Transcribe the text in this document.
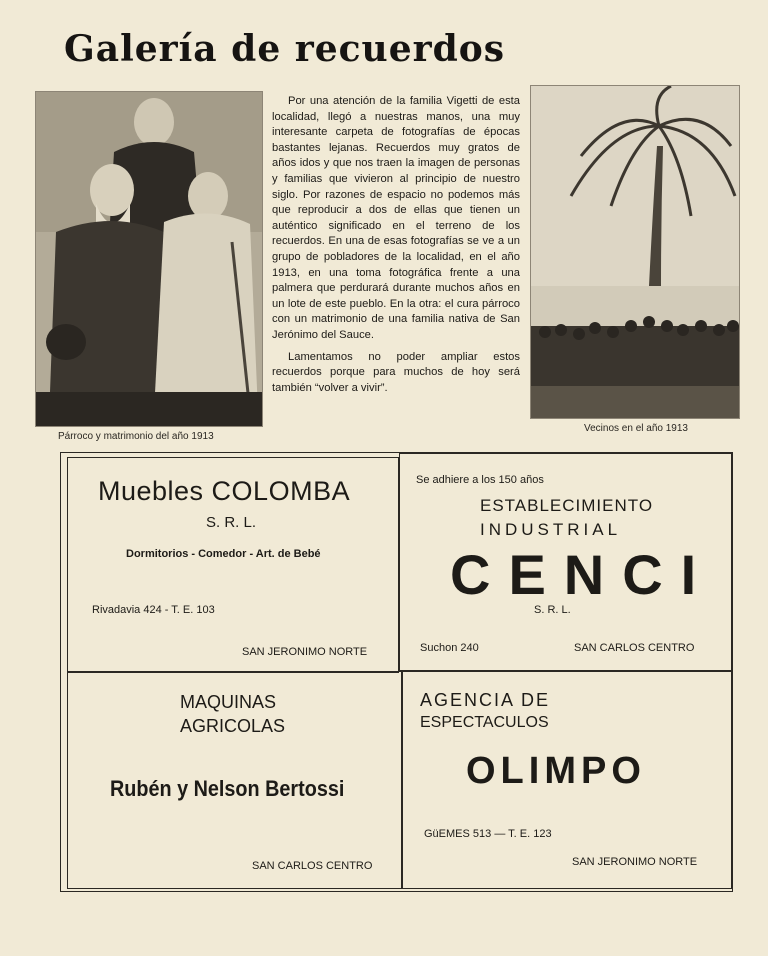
Galería de recuerdos
Párroco y matrimonio del año 1913

Por una atención de la familia Vigetti de esta localidad, llegó a nuestras manos, una muy interesante carpeta de fotografías de épocas bastantes lejanas. Recuerdos muy gratos de años idos y que nos traen la imagen de personas y familias que vivieron al principio de nuestro siglo. Por razones de espacio no podemos más que reproducir a dos de ellas que tienen un auténtico significado en el terreno de los recuerdos. En una de esas fotografías se ve a un grupo de pobladores de la localidad, en el año 1913, en una toma fotográfica frente a una palmera que perdurará durante muchos años en un lote de este pueblo. En la otra: el cura párroco con un matrimonio de una familia nativa de San Jerónimo del Sauce.

Lamentamos no poder ampliar estos recuerdos porque para muchos de hoy será también “volver a vivir”.

Vecinos en el año 1913
Muebles COLOMBA
S. R. L.
Dormitorios - Comedor - Art. de Bebé
Rivadavia 424 - T. E. 103
SAN JERONIMO NORTE
Se adhiere a los 150 años
ESTABLECIMIENTO
INDUSTRIAL
CENCI
S. R. L.
Suchon 240	SAN CARLOS CENTRO
MAQUINAS
AGRICOLAS
Rubén y Nelson Bertossi
SAN CARLOS CENTRO
AGENCIA DE
ESPECTACULOS
OLIMPO
GüEMES 513 — T. E. 123
SAN JERONIMO NORTE
